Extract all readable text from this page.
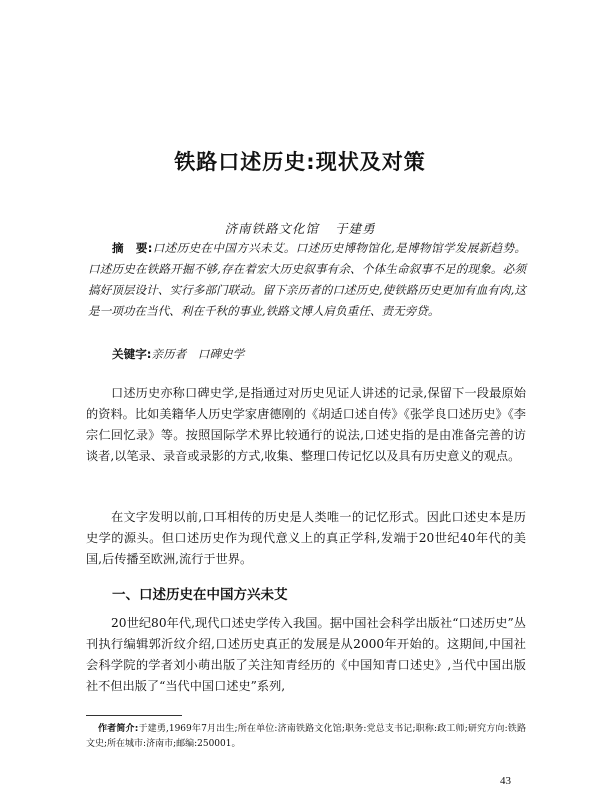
铁路口述历史:现状及对策
济南铁路文化馆 于建勇

摘　要:口述历史在中国方兴未艾。口述历史博物馆化,是博物馆学发展新趋势。口述历史在铁路开掘不够,存在着宏大历史叙事有余、个体生命叙事不足的现象。必须搞好顶层设计、实行多部门联动。留下亲历者的口述历史,使铁路历史更加有血有肉,这是一项功在当代、利在千秋的事业,铁路文博人肩负重任、责无旁贷。

关键字:亲历者　口碑史学

口述历史亦称口碑史学,是指通过对历史见证人讲述的记录,保留下一段最原始的资料。比如美籍华人历史学家唐德刚的《胡适口述自传》《张学良口述历史》《李宗仁回忆录》等。按照国际学术界比较通行的说法,口述史指的是由准备完善的访谈者,以笔录、录音或录影的方式,收集、整理口传记忆以及具有历史意义的观点。

在文字发明以前,口耳相传的历史是人类唯一的记忆形式。因此口述史本是历史学的源头。但口述历史作为现代意义上的真正学科,发端于20世纪40年代的美国,后传播至欧洲,流行于世界。

一、口述历史在中国方兴未艾

20世纪80年代,现代口述史学传入我国。据中国社会科学出版社“口述历史”丛刊执行编辑郭沂纹介绍,口述历史真正的发展是从2000年开始的。这期间,中国社会科学院的学者刘小萌出版了关注知青经历的《中国知青口述史》,当代中国出版社不但出版了“当代中国口述史”系列,

作者简介:于建勇,1969年7月出生;所在单位:济南铁路文化馆;职务:党总支书记;职称:政工师;研究方向:铁路文史;所在城市:济南市;邮编:250001。

43
